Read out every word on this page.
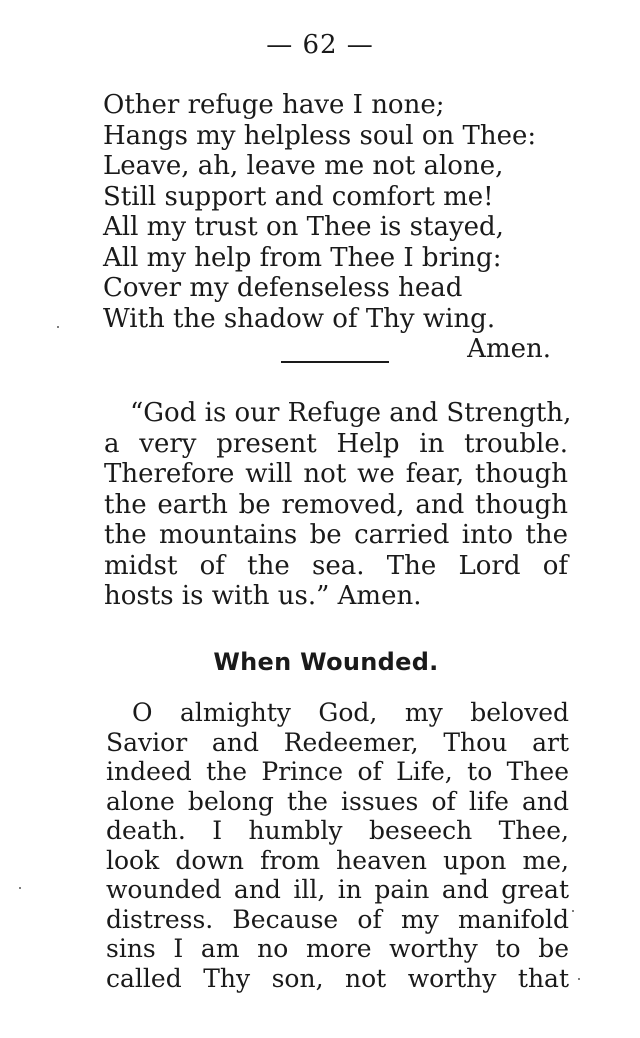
— 62 —
Other refuge have I none;
Hangs my helpless soul on Thee:
Leave, ah, leave me not alone,
Still support and comfort me!
All my trust on Thee is stayed,
All my help from Thee I bring:
Cover my defenseless head
With the shadow of Thy wing.
Amen.
“God is our Refuge and Strength,
a very present Help in trouble.
Therefore will not we fear, though
the earth be removed, and though
the mountains be carried into the
midst of the sea. The Lord of
hosts is with us.” Amen.
When Wounded.
O almighty God, my beloved
Savior and Redeemer, Thou art
indeed the Prince of Life, to Thee
alone belong the issues of life and
death. I humbly beseech Thee,
look down from heaven upon me,
wounded and ill, in pain and great
distress. Because of my manifold
sins I am no more worthy to be
called Thy son, not worthy that
